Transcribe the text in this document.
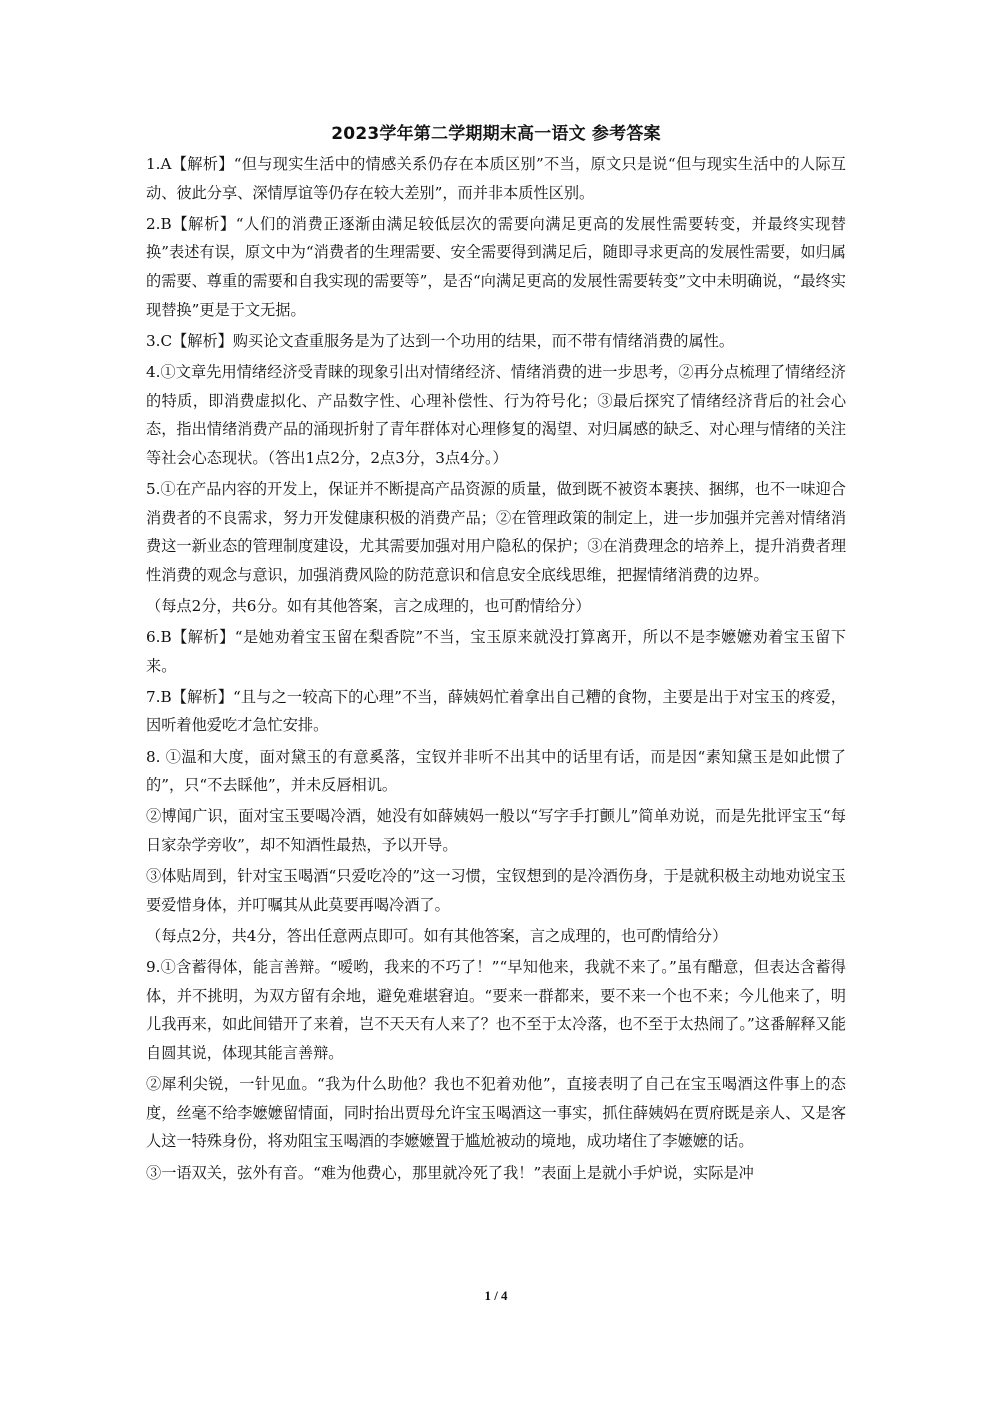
2023学年第二学期期末高一语文 参考答案
1.A【解析】“但与现实生活中的情感关系仍存在本质区别”不当，原文只是说“但与现实生活中的人际互动、彼此分享、深情厚谊等仍存在较大差别”，而并非本质性区别。
2.B【解析】“人们的消费正逐渐由满足较低层次的需要向满足更高的发展性需要转变，并最终实现替换”表述有误，原文中为“消费者的生理需要、安全需要得到满足后，随即寻求更高的发展性需要，如归属的需要、尊重的需要和自我实现的需要等”，是否“向满足更高的发展性需要转变”文中未明确说，“最终实现替换”更是于文无据。
3.C【解析】购买论文查重服务是为了达到一个功用的结果，而不带有情绪消费的属性。
4.①文章先用情绪经济受青睐的现象引出对情绪经济、情绪消费的进一步思考，②再分点梳理了情绪经济的特质，即消费虚拟化、产品数字性、心理补偿性、行为符号化；③最后探究了情绪经济背后的社会心态，指出情绪消费产品的涌现折射了青年群体对心理修复的渴望、对归属感的缺乏、对心理与情绪的关注等社会心态现状。（答出1点2分，2点3分，3点4分。）
5.①在产品内容的开发上，保证并不断提高产品资源的质量，做到既不被资本裹挟、捆绑，也不一味迎合消费者的不良需求，努力开发健康积极的消费产品；②在管理政策的制定上，进一步加强并完善对情绪消费这一新业态的管理制度建设，尤其需要加强对用户隐私的保护；③在消费理念的培养上，提升消费者理性消费的观念与意识，加强消费风险的防范意识和信息安全底线思维，把握情绪消费的边界。
（每点2分，共6分。如有其他答案，言之成理的，也可酌情给分）
6.B【解析】“是她劝着宝玉留在梨香院”不当，宝玉原来就没打算离开，所以不是李嬷嬷劝着宝玉留下来。
7.B【解析】“且与之一较高下的心理”不当，薛姨妈忙着拿出自己糟的食物，主要是出于对宝玉的疼爱，因听着他爱吃才急忙安排。
8. ①温和大度，面对黛玉的有意奚落，宝钗并非听不出其中的话里有话，而是因“素知黛玉是如此惯了的”，只“不去睬他”，并未反唇相讥。
②博闻广识，面对宝玉要喝冷酒，她没有如薛姨妈一般以“写字手打颤儿”简单劝说，而是先批评宝玉“每日家杂学旁收”，却不知酒性最热，予以开导。
③体贴周到，针对宝玉喝酒“只爱吃冷的”这一习惯，宝钗想到的是冷酒伤身，于是就积极主动地劝说宝玉要爱惜身体，并叮嘱其从此莫要再喝冷酒了。
（每点2分，共4分，答出任意两点即可。如有其他答案，言之成理的，也可酌情给分）
9.①含蓄得体，能言善辩。“嗳哟，我来的不巧了！”“早知他来，我就不来了。”虽有醋意，但表达含蓄得体，并不挑明，为双方留有余地，避免难堪窘迫。“要来一群都来，要不来一个也不来；今儿他来了，明儿我再来，如此间错开了来着，岂不天天有人来了？也不至于太冷落，也不至于太热闹了。”这番解释又能自圆其说，体现其能言善辩。
②犀利尖锐，一针见血。“我为什么助他？我也不犯着劝他”，直接表明了自己在宝玉喝酒这件事上的态度，丝毫不给李嬷嬷留情面，同时抬出贾母允许宝玉喝酒这一事实，抓住薛姨妈在贾府既是亲人、又是客人这一特殊身份，将劝阻宝玉喝酒的李嬷嬷置于尴尬被动的境地，成功堵住了李嬷嬷的话。
③一语双关，弦外有音。“难为他费心，那里就冷死了我！”表面上是就小手炉说，实际是冲
1 / 4
